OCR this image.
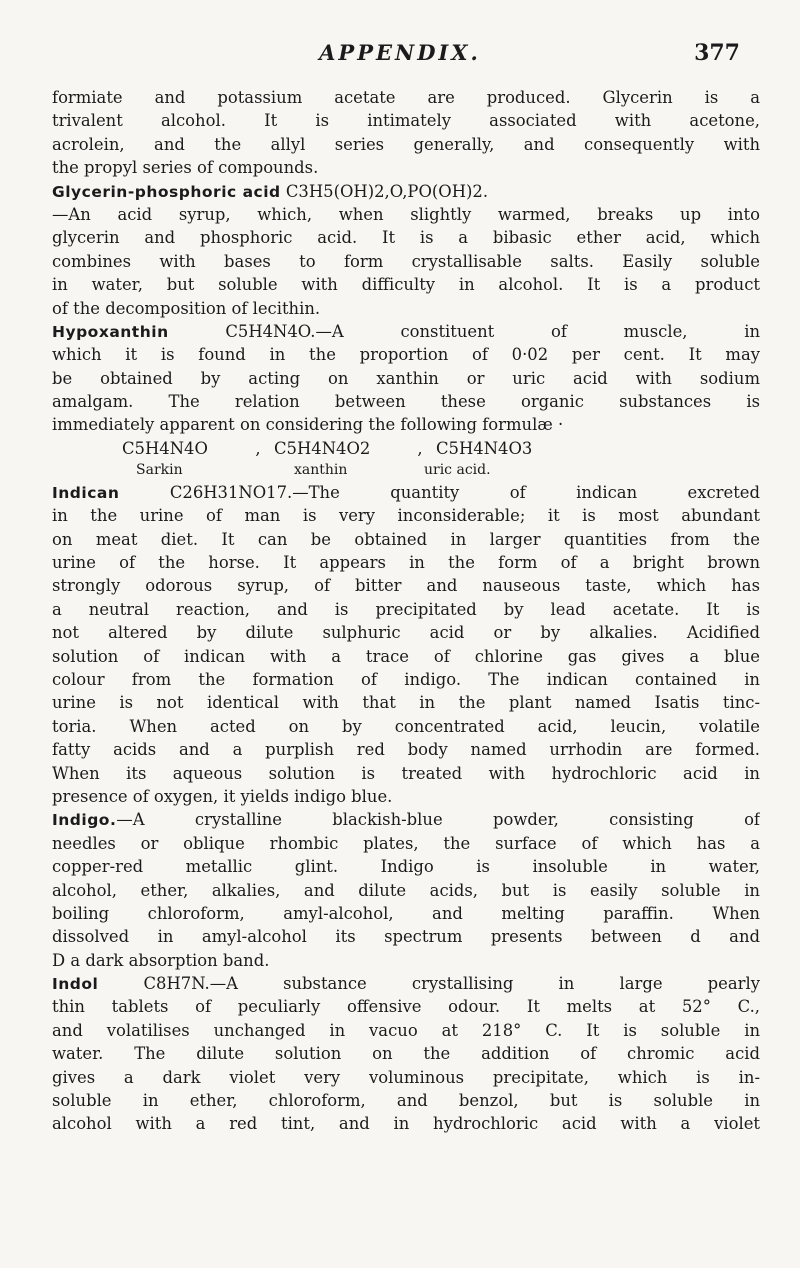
APPENDIX.	377
formiate and potassium acetate are produced. Glycerin is a
trivalent alcohol. It is intimately associated with acetone,
acrolein, and the allyl series generally, and consequently with
the propyl series of compounds.
Glycerin-phosphoric acid C3H5(OH)2,O,PO(OH)2.
—An acid syrup, which, when slightly warmed, breaks up into
glycerin and phosphoric acid. It is a bibasic ether acid, which
combines with bases to form crystallisable salts. Easily soluble
in water, but soluble with difficulty in alcohol. It is a product
of the decomposition of lecithin.
Hypoxanthin	C5H4N4O.—A constituent of muscle, in
which it is found in the proportion of 0·02 per cent. It may
be obtained by acting on xanthin or uric acid with sodium
amalgam. The relation between these organic substances is
immediately apparent on considering the following formulæ ·
C5H4N4O	, C5H4N4O2	, C5H4N4O3
Sarkin	xanthin	uric acid.
Indican	C26H31NO17.—The quantity of indican excreted
in the urine of man is very inconsiderable; it is most abundant
on meat diet. It can be obtained in larger quantities from the
urine of the horse. It appears in the form of a bright brown
strongly odorous syrup, of bitter and nauseous taste, which has
a neutral reaction, and is precipitated by lead acetate. It is
not altered by dilute sulphuric acid or by alkalies. Acidified
solution of indican with a trace of chlorine gas gives a blue
colour from the formation of indigo. The indican contained in
urine is not identical with that in the plant named Isatis tinc-
toria. When acted on by concentrated acid, leucin, volatile
fatty acids and a purplish red body named urrhodin are formed.
When its aqueous solution is treated with hydrochloric acid in
presence of oxygen, it yields indigo blue.
Indigo.—A crystalline blackish-blue powder, consisting of
needles or oblique rhombic plates, the surface of which has a
copper-red metallic glint. Indigo is insoluble in water,
alcohol, ether, alkalies, and dilute acids, but is easily soluble in
boiling chloroform, amyl-alcohol, and melting paraffin. When
dissolved in amyl-alcohol its spectrum presents between d and
D a dark absorption band.
Indol	C8H7N.—A substance crystallising in large pearly
thin tablets of peculiarly offensive odour. It melts at 52° C.,
and volatilises unchanged in vacuo at 218° C. It is soluble in
water. The dilute solution on the addition of chromic acid
gives a dark violet very voluminous precipitate, which is in-
soluble in ether, chloroform, and benzol, but is soluble in
alcohol with a red tint, and in hydrochloric acid with a violet
